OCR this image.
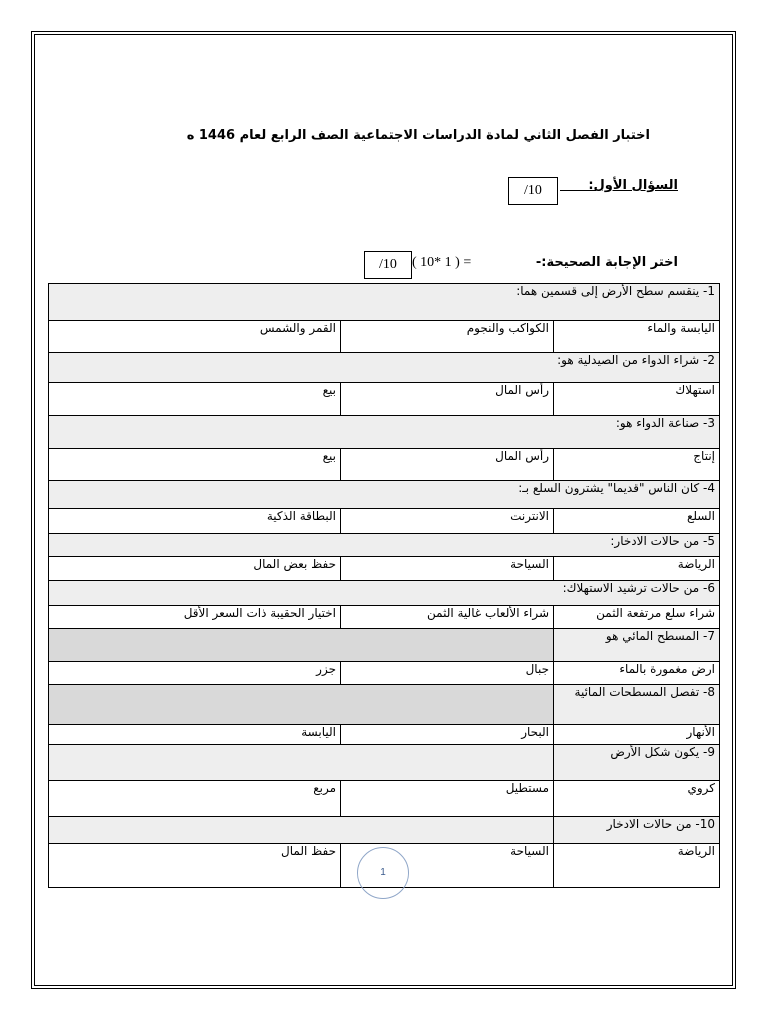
اختبار الفصل الثاني لمادة الدراسات الاجتماعية الصف الرابع لعام 1446 ه
السؤال الأول:
/10
اختر الإجابة الصحيحة:-
( 10* 1 ) =
/10
1- ينقسم سطح الأرض إلى قسمين هما:		
اليابسة والماء	الكواكب والنجوم	القمر والشمس
2- شراء الدواء من الصيدلية هو:		
استهلاك	رأس المال	بيع
3- صناعة الدواء هو:		
إنتاج	رأس المال	بيع
4- كان الناس "قديما" يشترون السلع بـ:		
السلع	الانترنت	البطاقة الذكية
5- من حالات الادخار:		
الرياضة	السياحة	حفظ بعض المال
6- من حالات ترشيد الاستهلاك:		
شراء سلع مرتفعة الثمن	شراء الألعاب غالية الثمن	اختيار الحقيبة ذات السعر الأقل
7- المسطح المائي هو		
ارض مغمورة بالماء	جبال	جزر
8- تفصل المسطحات المائية		
الأنهار	البحار	اليابسة
9- يكون شكل الأرض		
كروي	مستطيل	مربع
10- من حالات الادخار		
الرياضة	السياحة	حفظ المال
1
